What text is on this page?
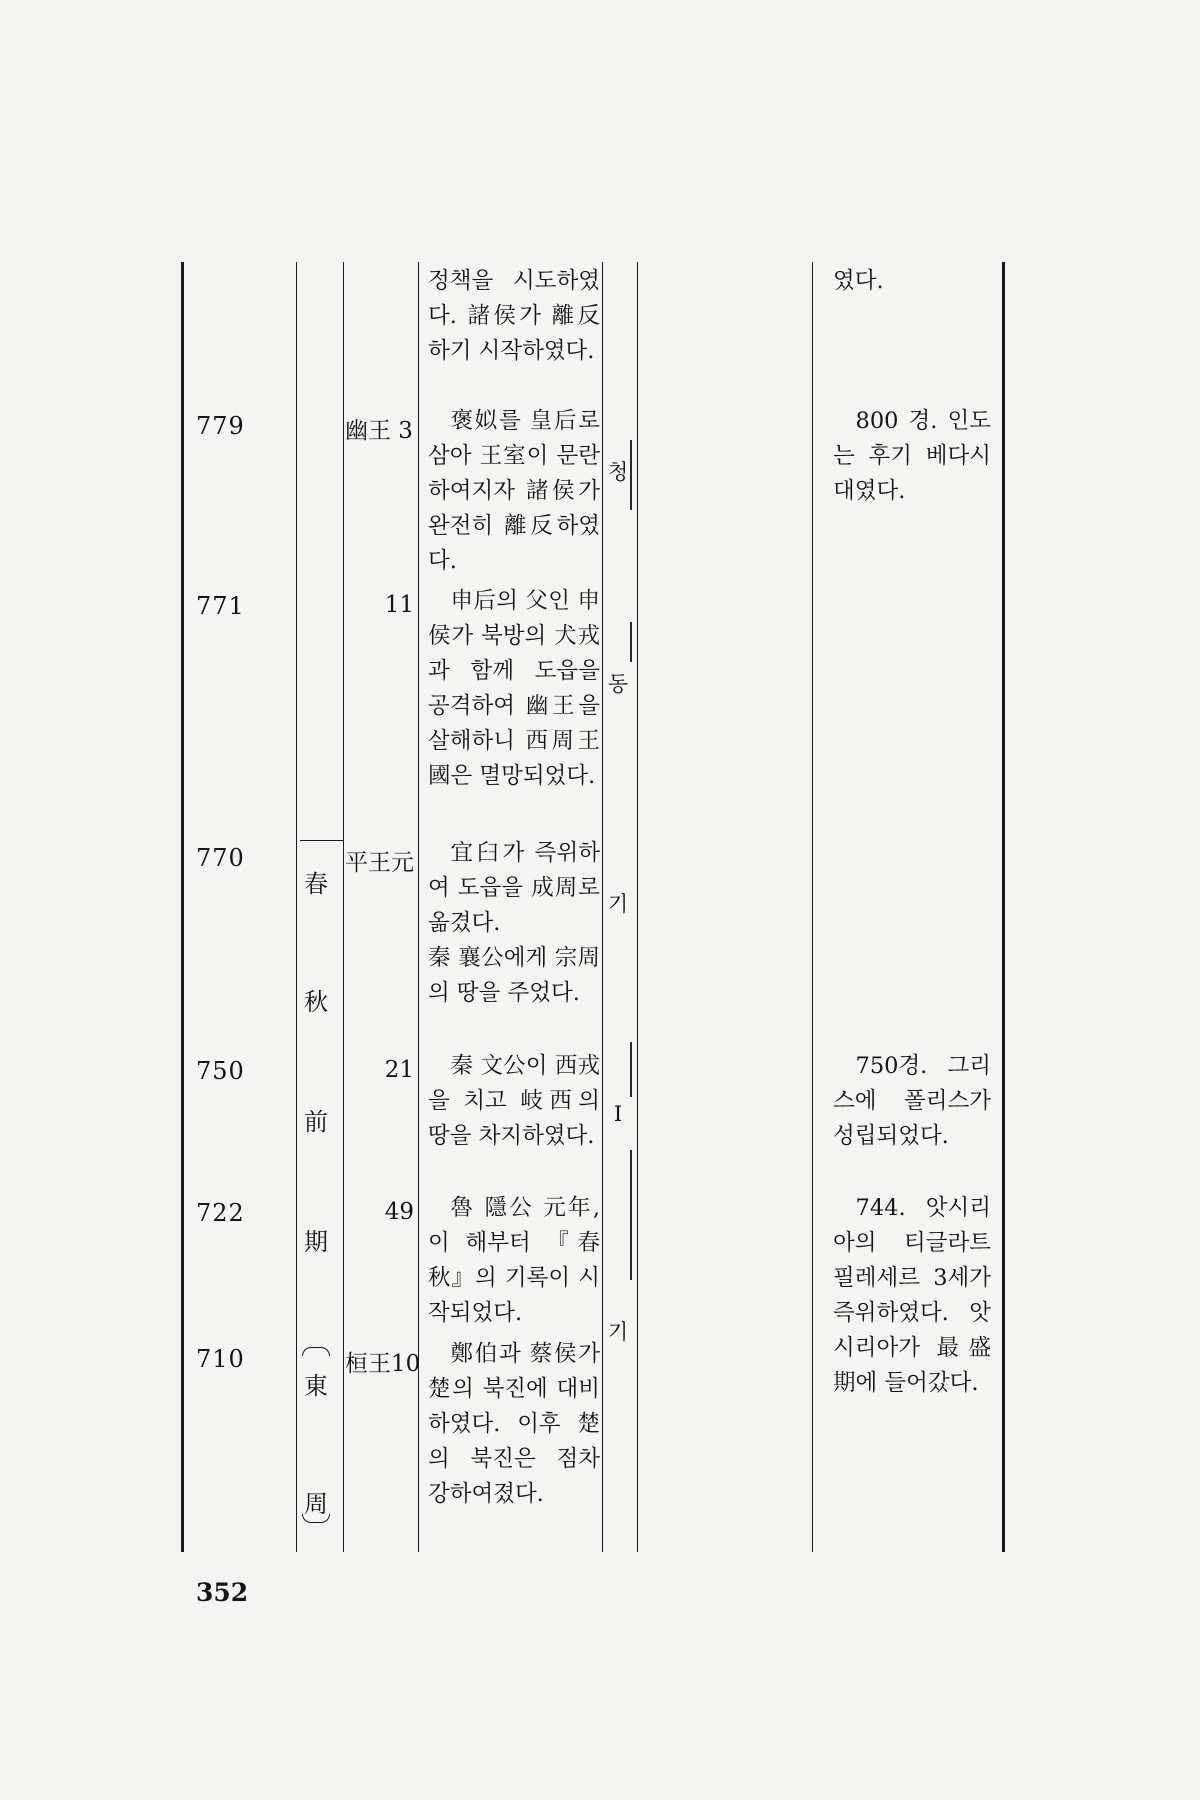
779
771
770
750
722
710
幽王 3
11
平王元
21
49
桓王10

정책을 시도하였다. 諸侯가 離反하기 시작하였다.

褒姒를 皇后로 삼아 王室이 문란하여지자 諸侯가 완전히 離反하였다.

申后의 父인 申侯가 북방의 犬戎과 함께 도읍을 공격하여 幽王을 살해하니 西周王國은 멸망되었다.

宜臼가 즉위하여 도읍을 成周로 옮겼다.

秦 襄公에게 宗周의 땅을 주었다.

秦 文公이 西戎을 치고 岐西의 땅을 차지하였다.

魯 隱公 元年, 이 해부터 『春秋』의 기록이 시작되었다.

鄭伯과 蔡侯가 楚의 북진에 대비하였다. 이후 楚의 북진은 점차 강하여졌다.

春
秋
前
期
東
周
청
동
기
I
기

였다.

800 경. 인도는 후기 베다시대였다.

750경. 그리스에 폴리스가 성립되었다.

744. 앗시리아의 티글라트 필레세르 3세가 즉위하였다. 앗시리아가 最盛期에 들어갔다.

352
